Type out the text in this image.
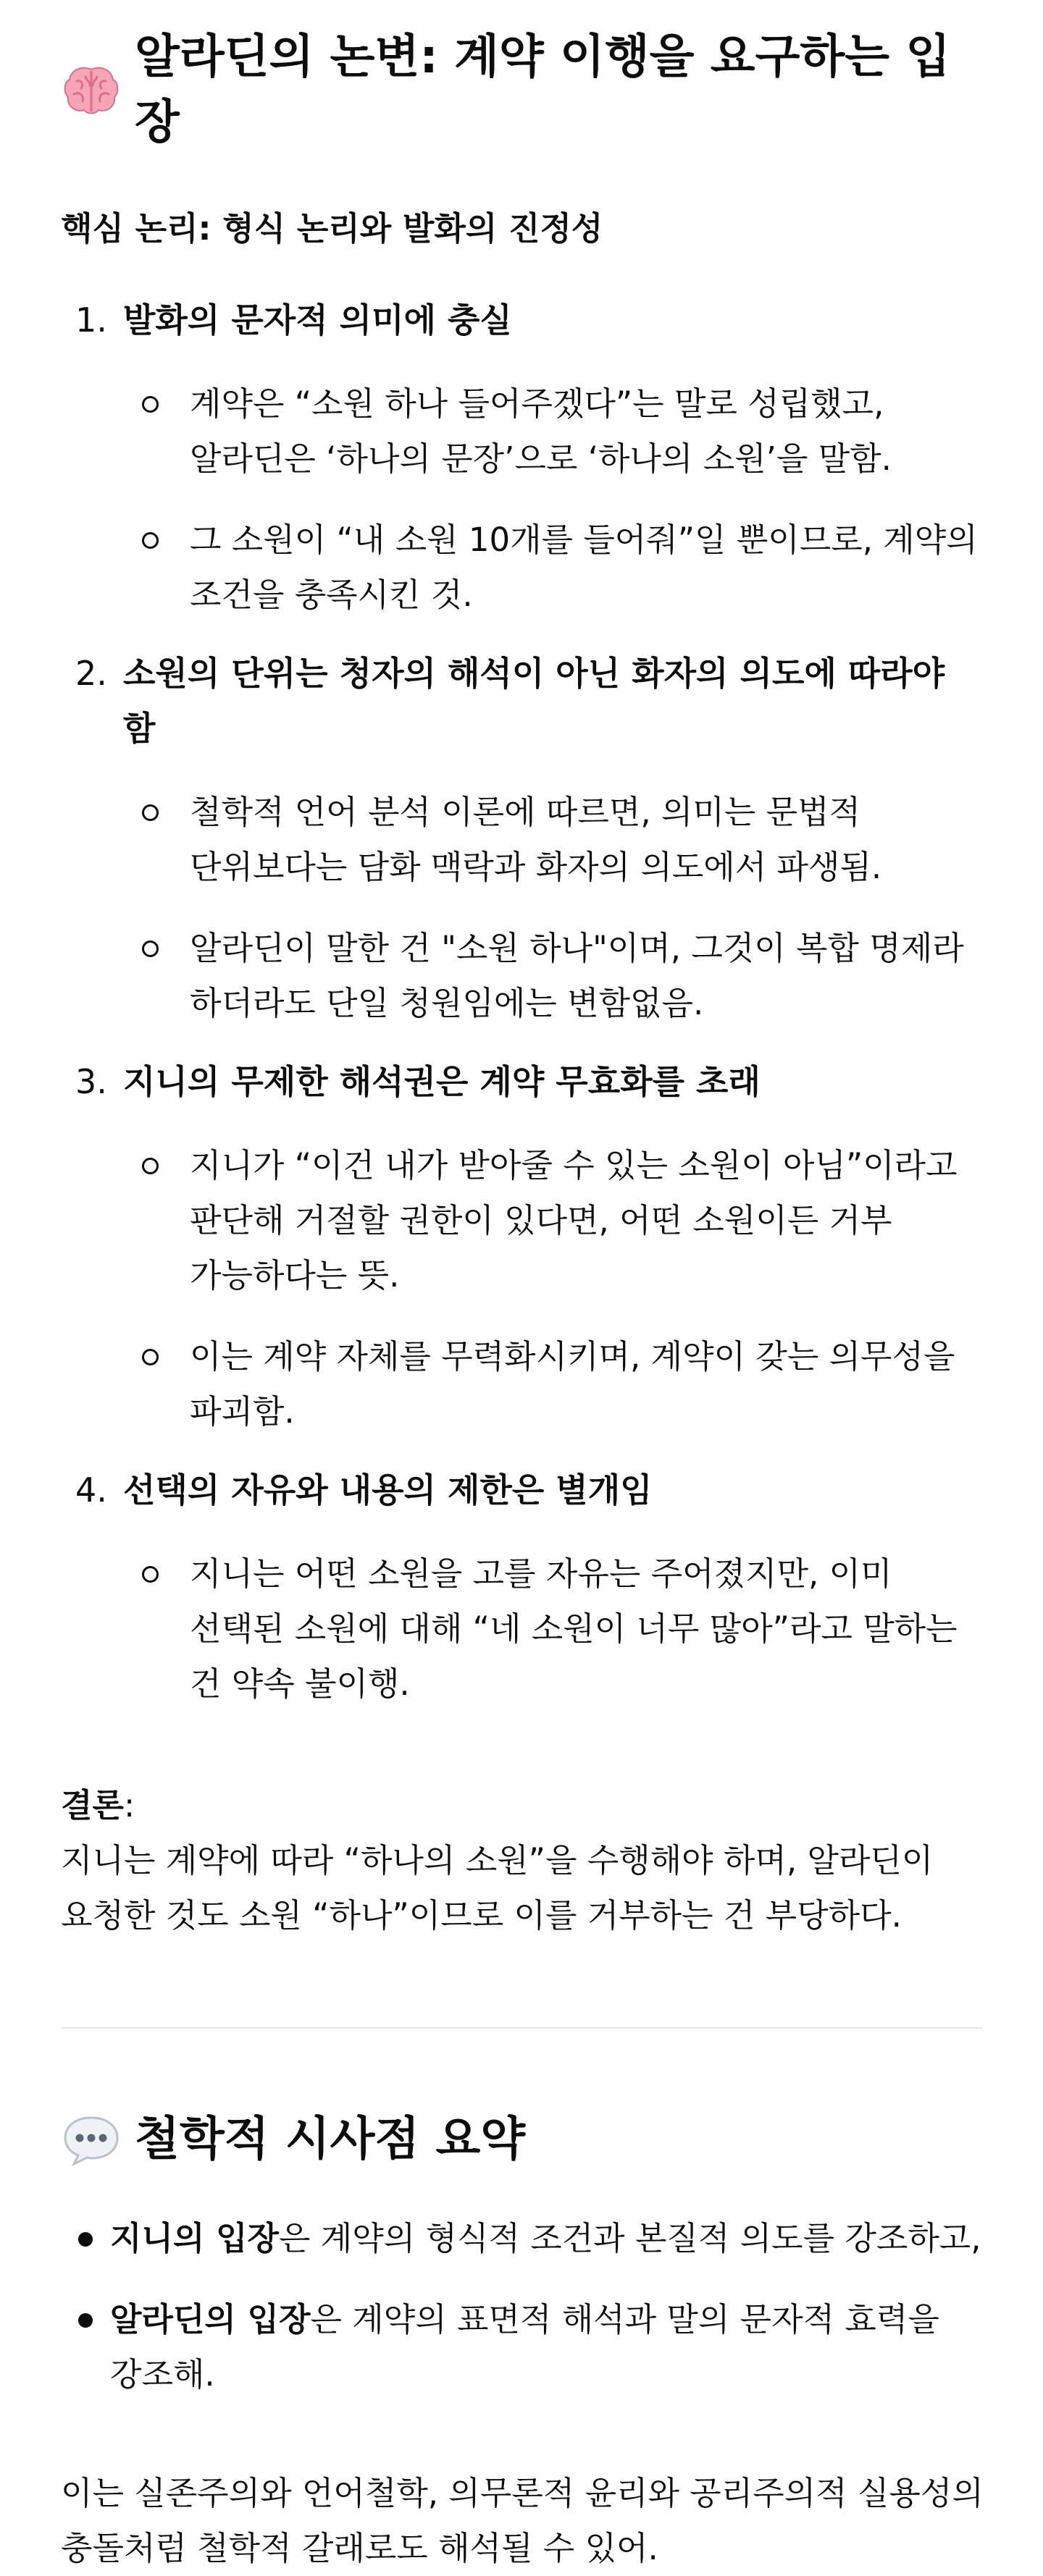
알라딘의 논변: 계약 이행을 요구하는 입장
핵심 논리: 형식 논리와 발화의 진정성
1. 발화의 문자적 의미에 충실
계약은 “소원 하나 들어주겠다”는 말로 성립했고,
알라딘은 ‘하나의 문장’으로 ‘하나의 소원’을 말함.
그 소원이 “내 소원 10개를 들어줘”일 뿐이므로, 계약의
조건을 충족시킨 것.
2. 소원의 단위는 청자의 해석이 아닌 화자의 의도에 따라야 함
철학적 언어 분석 이론에 따르면, 의미는 문법적
단위보다는 담화 맥락과 화자의 의도에서 파생됨.
알라딘이 말한 건 "소원 하나"이며, 그것이 복합 명제라
하더라도 단일 청원임에는 변함없음.
3. 지니의 무제한 해석권은 계약 무효화를 초래
지니가 “이건 내가 받아줄 수 있는 소원이 아님”이라고
판단해 거절할 권한이 있다면, 어떤 소원이든 거부
가능하다는 뜻.
이는 계약 자체를 무력화시키며, 계약이 갖는 의무성을
파괴함.
4. 선택의 자유와 내용의 제한은 별개임
지니는 어떤 소원을 고를 자유는 주어졌지만, 이미
선택된 소원에 대해 “네 소원이 너무 많아”라고 말하는
건 약속 불이행.
결론:
지니는 계약에 따라 “하나의 소원”을 수행해야 하며, 알라딘이
요청한 것도 소원 “하나”이므로 이를 거부하는 건 부당하다.
철학적 시사점 요약
지니의 입장은 계약의 형식적 조건과 본질적 의도를 강조하고,
알라딘의 입장은 계약의 표면적 해석과 말의 문자적 효력을
강조해.
이는 실존주의와 언어철학, 의무론적 윤리와 공리주의적 실용성의
충돌처럼 철학적 갈래로도 해석될 수 있어.
